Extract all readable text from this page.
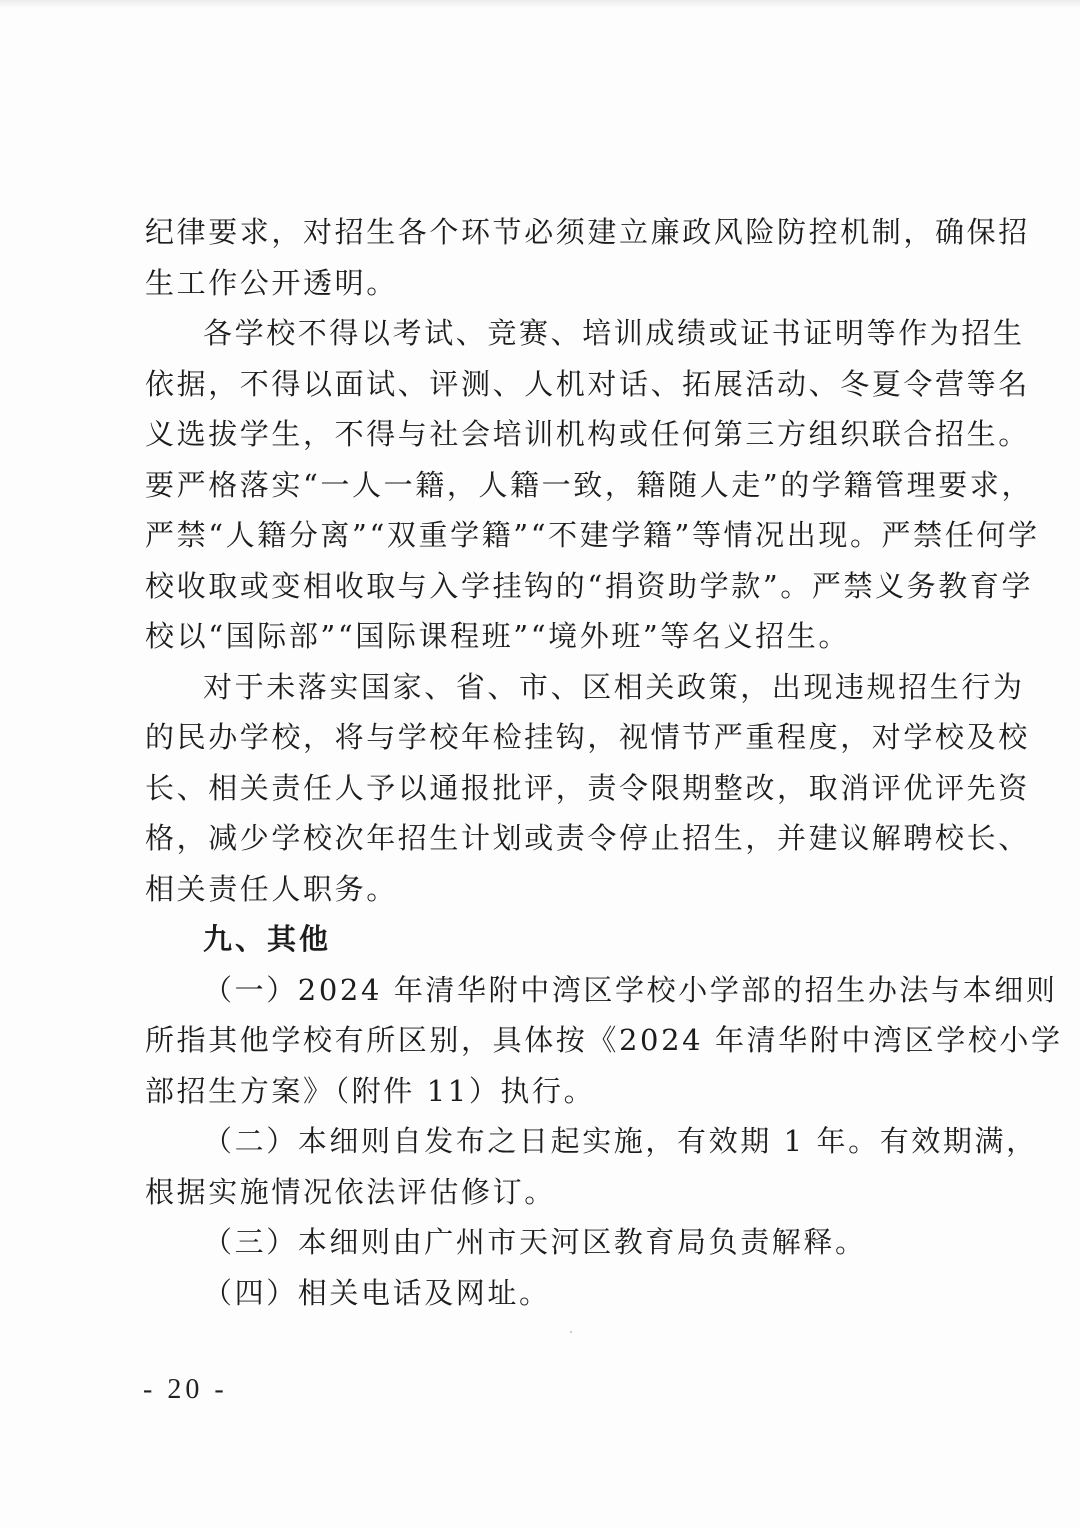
纪律要求，对招生各个环节必须建立廉政风险防控机制，确保招
生工作公开透明。
各学校不得以考试、竞赛、培训成绩或证书证明等作为招生
依据，不得以面试、评测、人机对话、拓展活动、冬夏令营等名
义选拔学生，不得与社会培训机构或任何第三方组织联合招生。
要严格落实“一人一籍，人籍一致，籍随人走”的学籍管理要求，
严禁“人籍分离”“双重学籍”“不建学籍”等情况出现。严禁任何学
校收取或变相收取与入学挂钩的“捐资助学款”。严禁义务教育学
校以“国际部”“国际课程班”“境外班”等名义招生。
对于未落实国家、省、市、区相关政策，出现违规招生行为
的民办学校，将与学校年检挂钩，视情节严重程度，对学校及校
长、相关责任人予以通报批评，责令限期整改，取消评优评先资
格，减少学校次年招生计划或责令停止招生，并建议解聘校长、
相关责任人职务。
九、其他
（一）2024 年清华附中湾区学校小学部的招生办法与本细则
所指其他学校有所区别，具体按《2024 年清华附中湾区学校小学
部招生方案》（附件 11）执行。
（二）本细则自发布之日起实施，有效期 1 年。有效期满，
根据实施情况依法评估修订。
（三）本细则由广州市天河区教育局负责解释。
（四）相关电话及网址。
- 20 -
